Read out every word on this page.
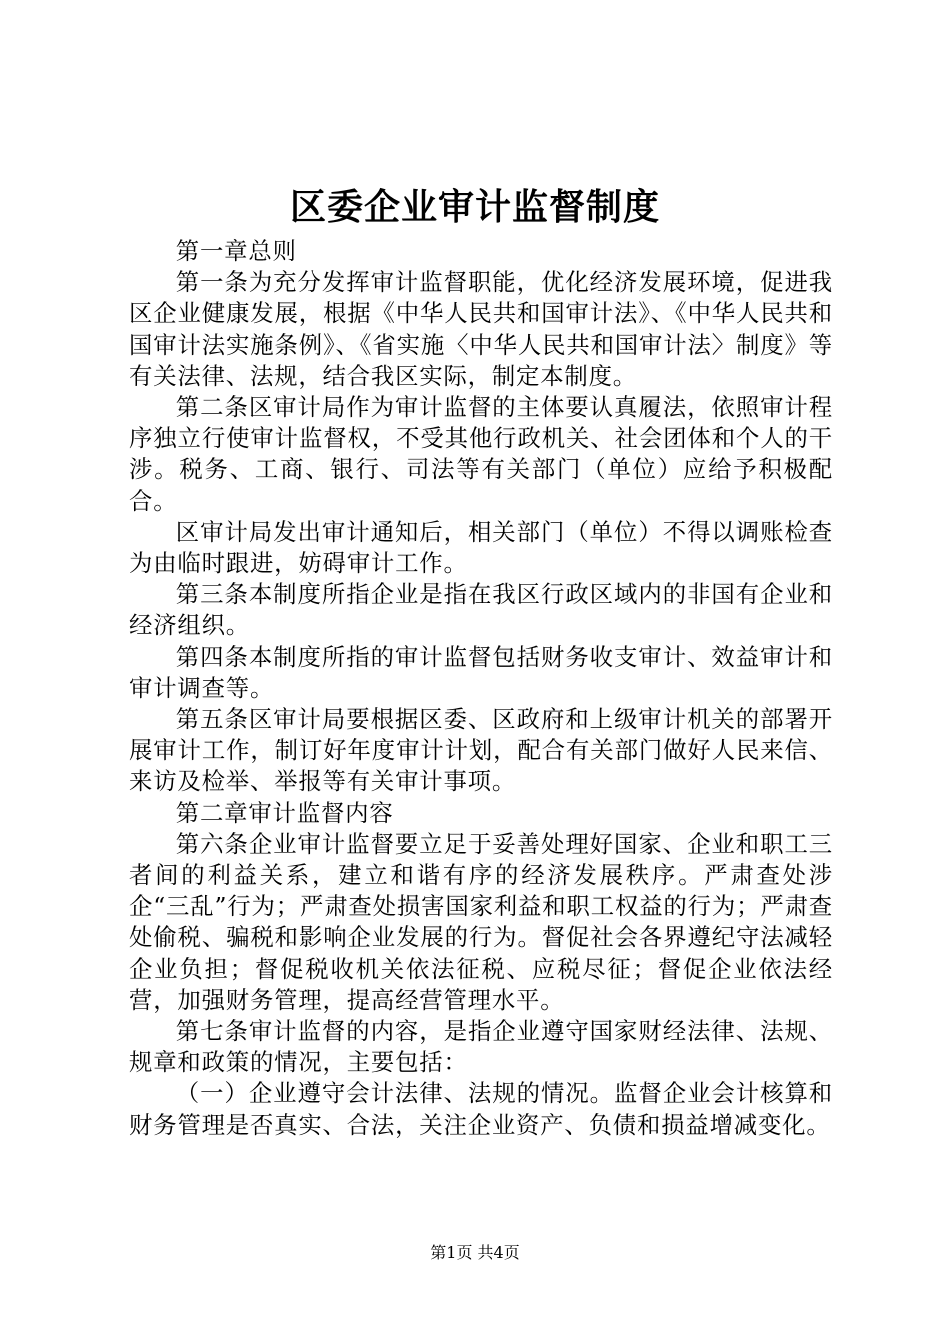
区委企业审计监督制度

第一章总则

第一条为充分发挥审计监督职能，优化经济发展环境，促进我区企业健康发展，根据《中华人民共和国审计法》、《中华人民共和国审计法实施条例》、《省实施〈中华人民共和国审计法〉制度》等有关法律、法规，结合我区实际，制定本制度。

第二条区审计局作为审计监督的主体要认真履法，依照审计程序独立行使审计监督权，不受其他行政机关、社会团体和个人的干涉。税务、工商、银行、司法等有关部门（单位）应给予积极配合。

区审计局发出审计通知后，相关部门（单位）不得以调账检查为由临时跟进，妨碍审计工作。

第三条本制度所指企业是指在我区行政区域内的非国有企业和经济组织。

第四条本制度所指的审计监督包括财务收支审计、效益审计和审计调查等。

第五条区审计局要根据区委、区政府和上级审计机关的部署开展审计工作，制订好年度审计计划，配合有关部门做好人民来信、来访及检举、举报等有关审计事项。

第二章审计监督内容

第六条企业审计监督要立足于妥善处理好国家、企业和职工三者间的利益关系，建立和谐有序的经济发展秩序。严肃查处涉企“三乱”行为；严肃查处损害国家利益和职工权益的行为；严肃查处偷税、骗税和影响企业发展的行为。督促社会各界遵纪守法减轻企业负担；督促税收机关依法征税、应税尽征；督促企业依法经营，加强财务管理，提高经营管理水平。

第七条审计监督的内容，是指企业遵守国家财经法律、法规、规章和政策的情况，主要包括：

（一）企业遵守会计法律、法规的情况。监督企业会计核算和财务管理是否真实、合法，关注企业资产、负债和损益增减变化。

第1页 共4页
